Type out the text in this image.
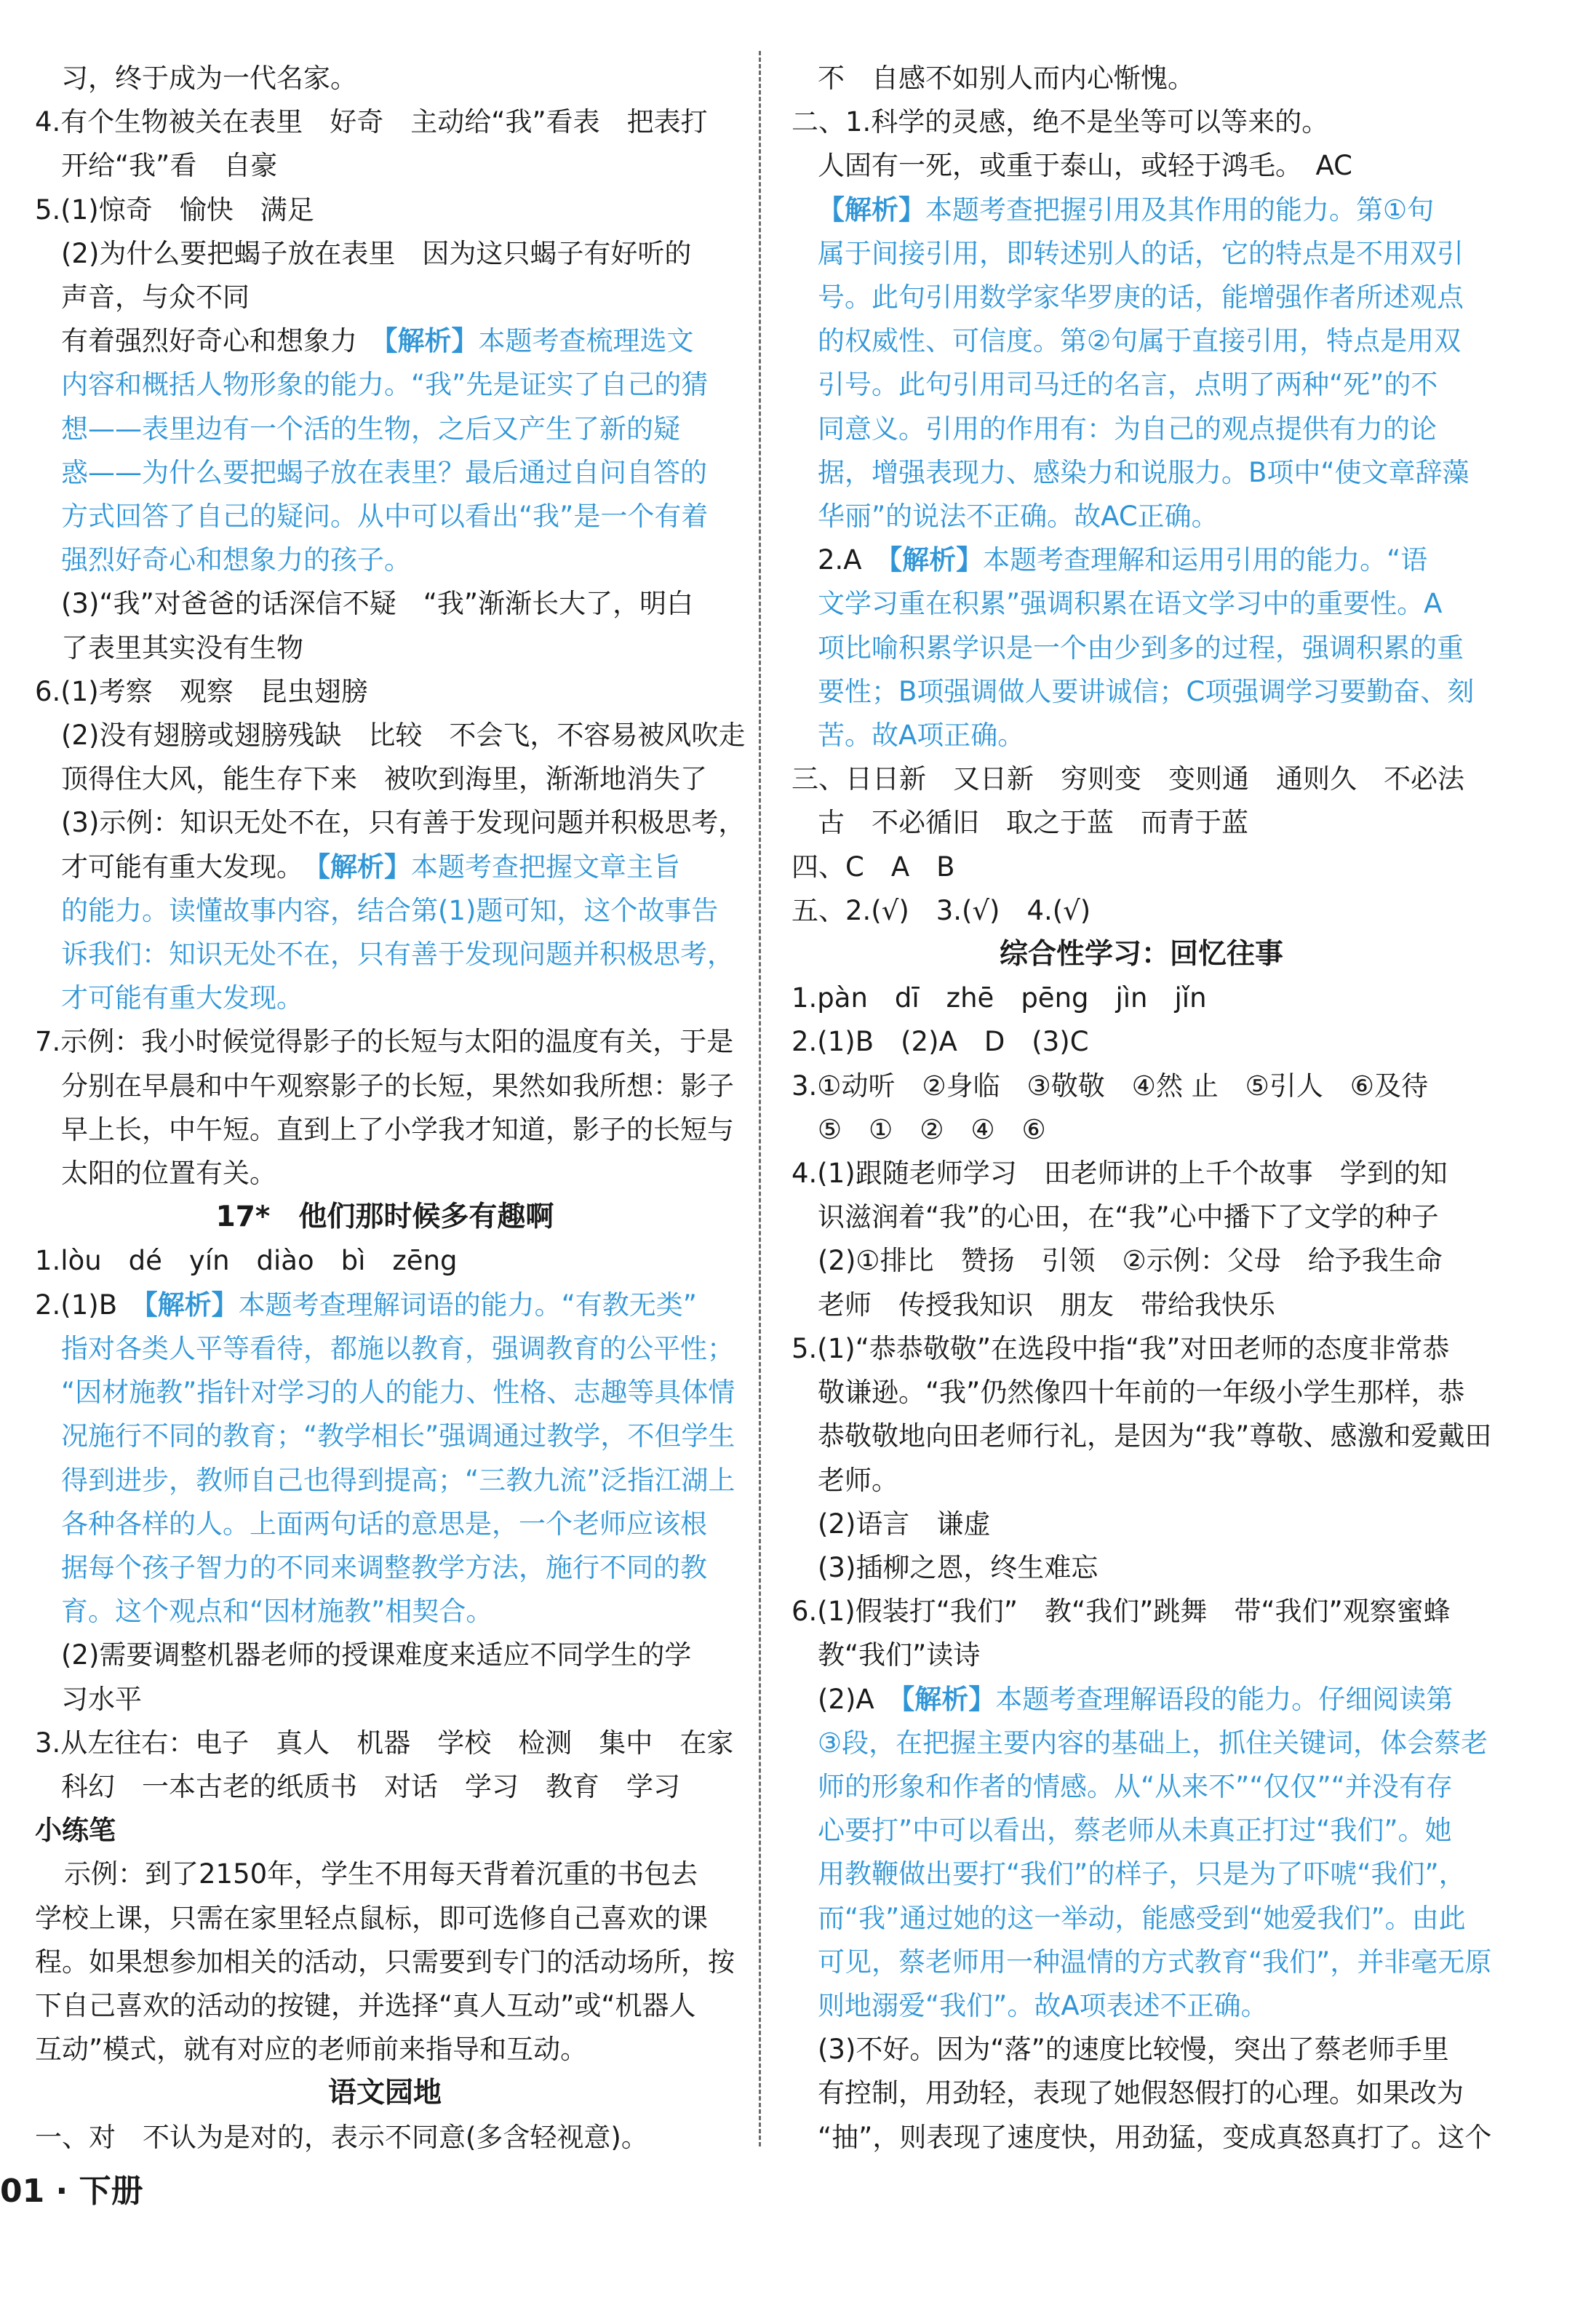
习，终于成为一代名家。
4.有个生物被关在表里　好奇　主动给“我”看表　把表打
开给“我”看　自豪
5.(1)惊奇　愉快　满足
(2)为什么要把蝎子放在表里　因为这只蝎子有好听的
声音，与众不同
有着强烈好奇心和想象力　【解析】本题考查梳理选文
内容和概括人物形象的能力。“我”先是证实了自己的猜
想——表里边有一个活的生物，之后又产生了新的疑
惑——为什么要把蝎子放在表里？最后通过自问自答的
方式回答了自己的疑问。从中可以看出“我”是一个有着
强烈好奇心和想象力的孩子。
(3)“我”对爸爸的话深信不疑　“我”渐渐长大了，明白
了表里其实没有生物
6.(1)考察　观察　昆虫翅膀
(2)没有翅膀或翅膀残缺　比较　不会飞，不容易被风吹走
顶得住大风，能生存下来　被吹到海里，渐渐地消失了
(3)示例：知识无处不在，只有善于发现问题并积极思考，
才可能有重大发现。　【解析】本题考查把握文章主旨
的能力。读懂故事内容，结合第(1)题可知，这个故事告
诉我们：知识无处不在，只有善于发现问题并积极思考，
才可能有重大发现。
7.示例：我小时候觉得影子的长短与太阳的温度有关，于是
分别在早晨和中午观察影子的长短，果然如我所想：影子
早上长，中午短。直到上了小学我才知道，影子的长短与
太阳的位置有关。
17*　他们那时候多有趣啊
1.lòu　dé　yín　diào　bì　zēng
2.(1)B　【解析】本题考查理解词语的能力。“有教无类”
指对各类人平等看待，都施以教育，强调教育的公平性；
“因材施教”指针对学习的人的能力、性格、志趣等具体情
况施行不同的教育；“教学相长”强调通过教学，不但学生
得到进步，教师自己也得到提高；“三教九流”泛指江湖上
各种各样的人。上面两句话的意思是，一个老师应该根
据每个孩子智力的不同来调整教学方法，施行不同的教
育。这个观点和“因材施教”相契合。
(2)需要调整机器老师的授课难度来适应不同学生的学
习水平
3.从左往右：电子　真人　机器　学校　检测　集中　在家
科幻　一本古老的纸质书　对话　学习　教育　学习
小练笔
示例：到了2150年，学生不用每天背着沉重的书包去
学校上课，只需在家里轻点鼠标，即可选修自己喜欢的课
程。如果想参加相关的活动，只需要到专门的活动场所，按
下自己喜欢的活动的按键，并选择“真人互动”或“机器人
互动”模式，就有对应的老师前来指导和互动。
语文园地
一、对　不认为是对的，表示不同意(多含轻视意)。
不　自感不如别人而内心惭愧。
二、1.科学的灵感，绝不是坐等可以等来的。
人固有一死，或重于泰山，或轻于鸿毛。　AC
【解析】本题考查把握引用及其作用的能力。第①句
属于间接引用，即转述别人的话，它的特点是不用双引
号。此句引用数学家华罗庚的话，能增强作者所述观点
的权威性、可信度。第②句属于直接引用，特点是用双
引号。此句引用司马迁的名言，点明了两种“死”的不
同意义。引用的作用有：为自己的观点提供有力的论
据，增强表现力、感染力和说服力。B项中“使文章辞藻
华丽”的说法不正确。故AC正确。
2.A　【解析】本题考查理解和运用引用的能力。“语
文学习重在积累”强调积累在语文学习中的重要性。A
项比喻积累学识是一个由少到多的过程，强调积累的重
要性；B项强调做人要讲诚信；C项强调学习要勤奋、刻
苦。故A项正确。
三、日日新　又日新　穷则变　变则通　通则久　不必法
古　不必循旧　取之于蓝　而青于蓝
四、C　A　B
五、2.(√)　3.(√)　4.(√)
综合性学习：回忆往事
1.pàn　dī　zhē　pēng　jìn　jǐn
2.(1)B　(2)A　D　(3)C
3.①动听　②身临　③敬敬　④然 止　⑤引人　⑥及待
⑤　①　②　④　⑥
4.(1)跟随老师学习　田老师讲的上千个故事　学到的知
识滋润着“我”的心田，在“我”心中播下了文学的种子
(2)①排比　赞扬　引领　②示例：父母　给予我生命
老师　传授我知识　朋友　带给我快乐
5.(1)“恭恭敬敬”在选段中指“我”对田老师的态度非常恭
敬谦逊。“我”仍然像四十年前的一年级小学生那样，恭
恭敬敬地向田老师行礼，是因为“我”尊敬、感激和爱戴田
老师。
(2)语言　谦虚
(3)插柳之恩，终生难忘
6.(1)假装打“我们”　教“我们”跳舞　带“我们”观察蜜蜂
教“我们”读诗
(2)A　【解析】本题考查理解语段的能力。仔细阅读第
③段，在把握主要内容的基础上，抓住关键词，体会蔡老
师的形象和作者的情感。从“从来不”“仅仅”“并没有存
心要打”中可以看出，蔡老师从未真正打过“我们”。她
用教鞭做出要打“我们”的样子，只是为了吓唬“我们”，
而“我”通过她的这一举动，能感受到“她爱我们”。由此
可见，蔡老师用一种温情的方式教育“我们”，并非毫无原
则地溺爱“我们”。故A项表述不正确。
(3)不好。因为“落”的速度比较慢，突出了蔡老师手里
有控制，用劲轻，表现了她假怒假打的心理。如果改为
“抽”，则表现了速度快，用劲猛，变成真怒真打了。这个
01 · 下册
